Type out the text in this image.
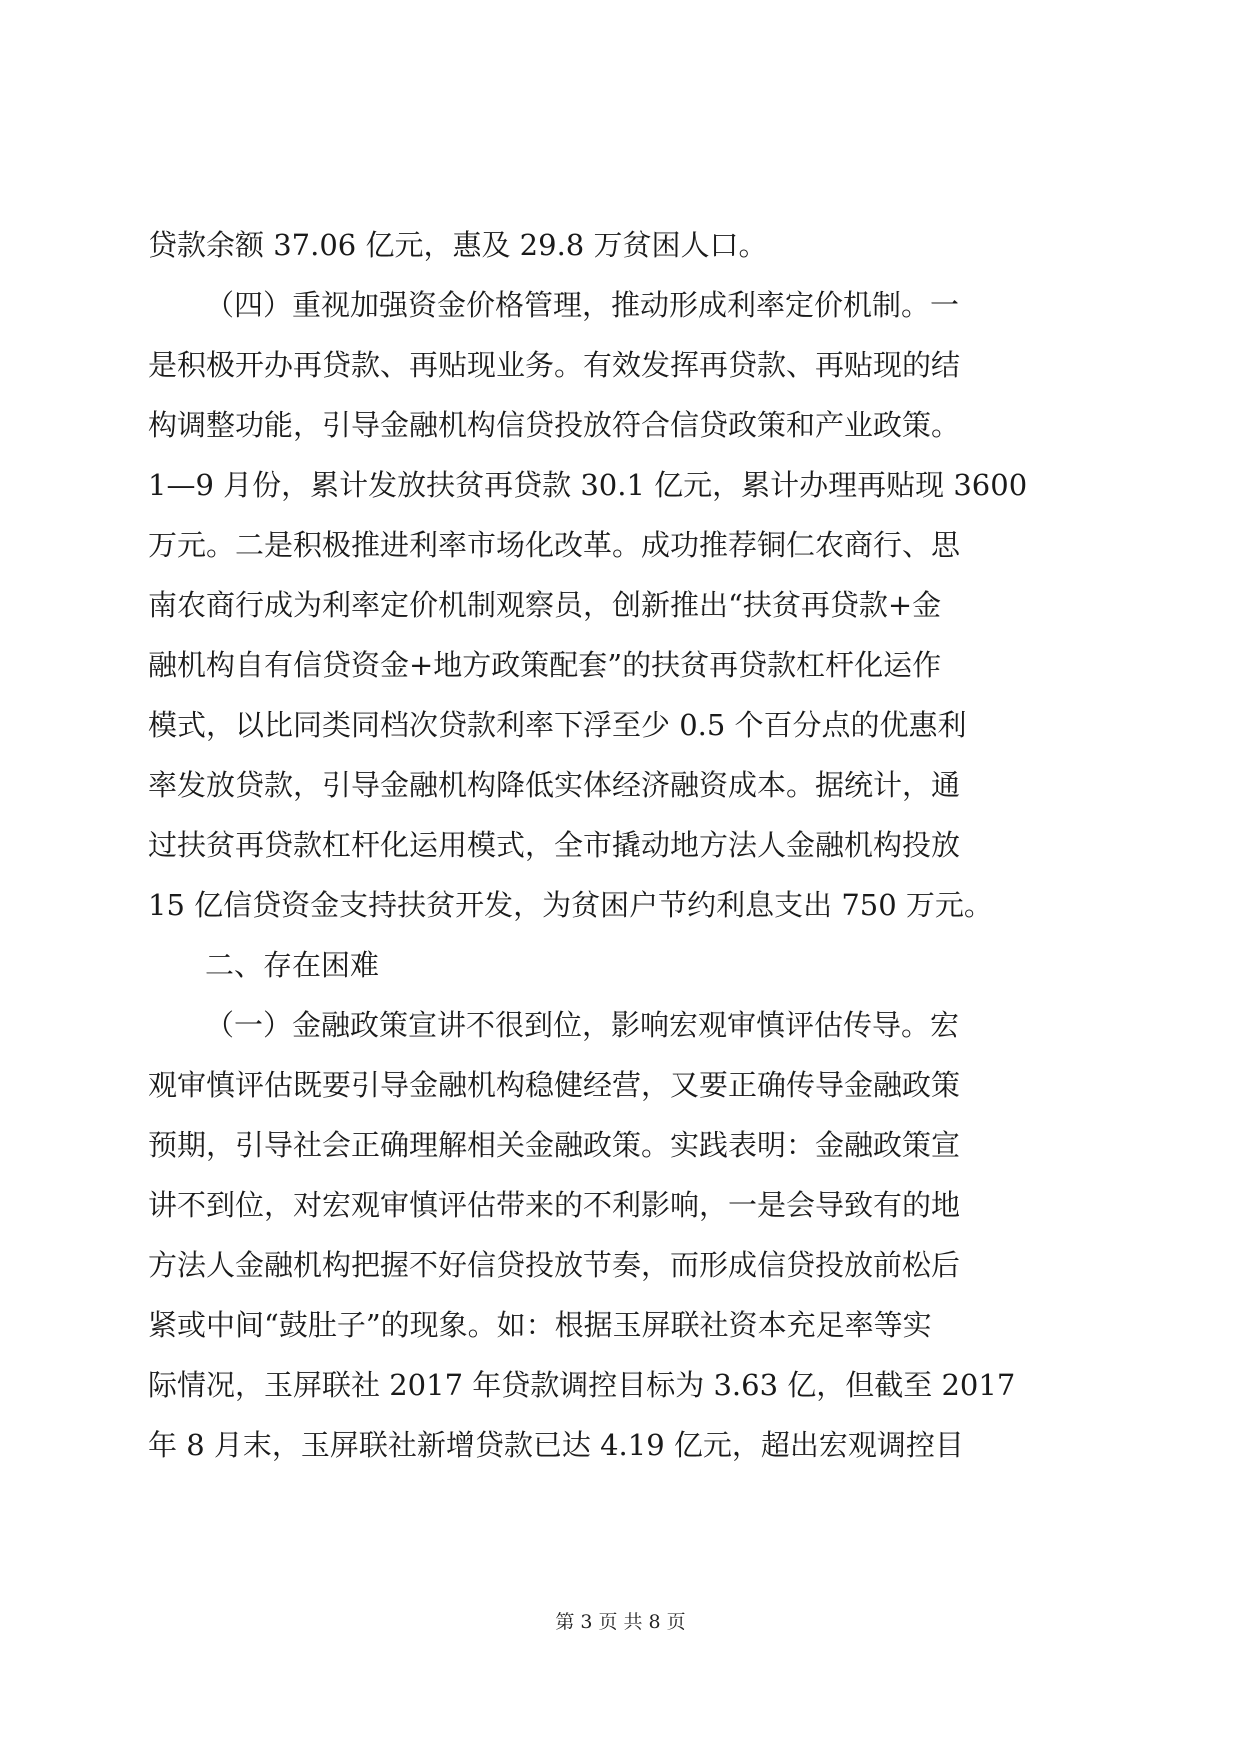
贷款余额 37.06 亿元，惠及 29.8 万贫困人口。
（四）重视加强资金价格管理，推动形成利率定价机制。一
是积极开办再贷款、再贴现业务。有效发挥再贷款、再贴现的结
构调整功能，引导金融机构信贷投放符合信贷政策和产业政策。
1—9 月份，累计发放扶贫再贷款 30.1 亿元，累计办理再贴现 3600
万元。二是积极推进利率市场化改革。成功推荐铜仁农商行、思
南农商行成为利率定价机制观察员，创新推出“扶贫再贷款+金
融机构自有信贷资金+地方政策配套”的扶贫再贷款杠杆化运作
模式，以比同类同档次贷款利率下浮至少 0.5 个百分点的优惠利
率发放贷款，引导金融机构降低实体经济融资成本。据统计，通
过扶贫再贷款杠杆化运用模式，全市撬动地方法人金融机构投放
15 亿信贷资金支持扶贫开发，为贫困户节约利息支出 750 万元。
二、存在困难
（一）金融政策宣讲不很到位，影响宏观审慎评估传导。宏
观审慎评估既要引导金融机构稳健经营，又要正确传导金融政策
预期，引导社会正确理解相关金融政策。实践表明：金融政策宣
讲不到位，对宏观审慎评估带来的不利影响，一是会导致有的地
方法人金融机构把握不好信贷投放节奏，而形成信贷投放前松后
紧或中间“鼓肚子”的现象。如：根据玉屏联社资本充足率等实
际情况，玉屏联社 2017 年贷款调控目标为 3.63 亿，但截至 2017
年 8 月末，玉屏联社新增贷款已达 4.19 亿元，超出宏观调控目
第 3 页 共 8 页
